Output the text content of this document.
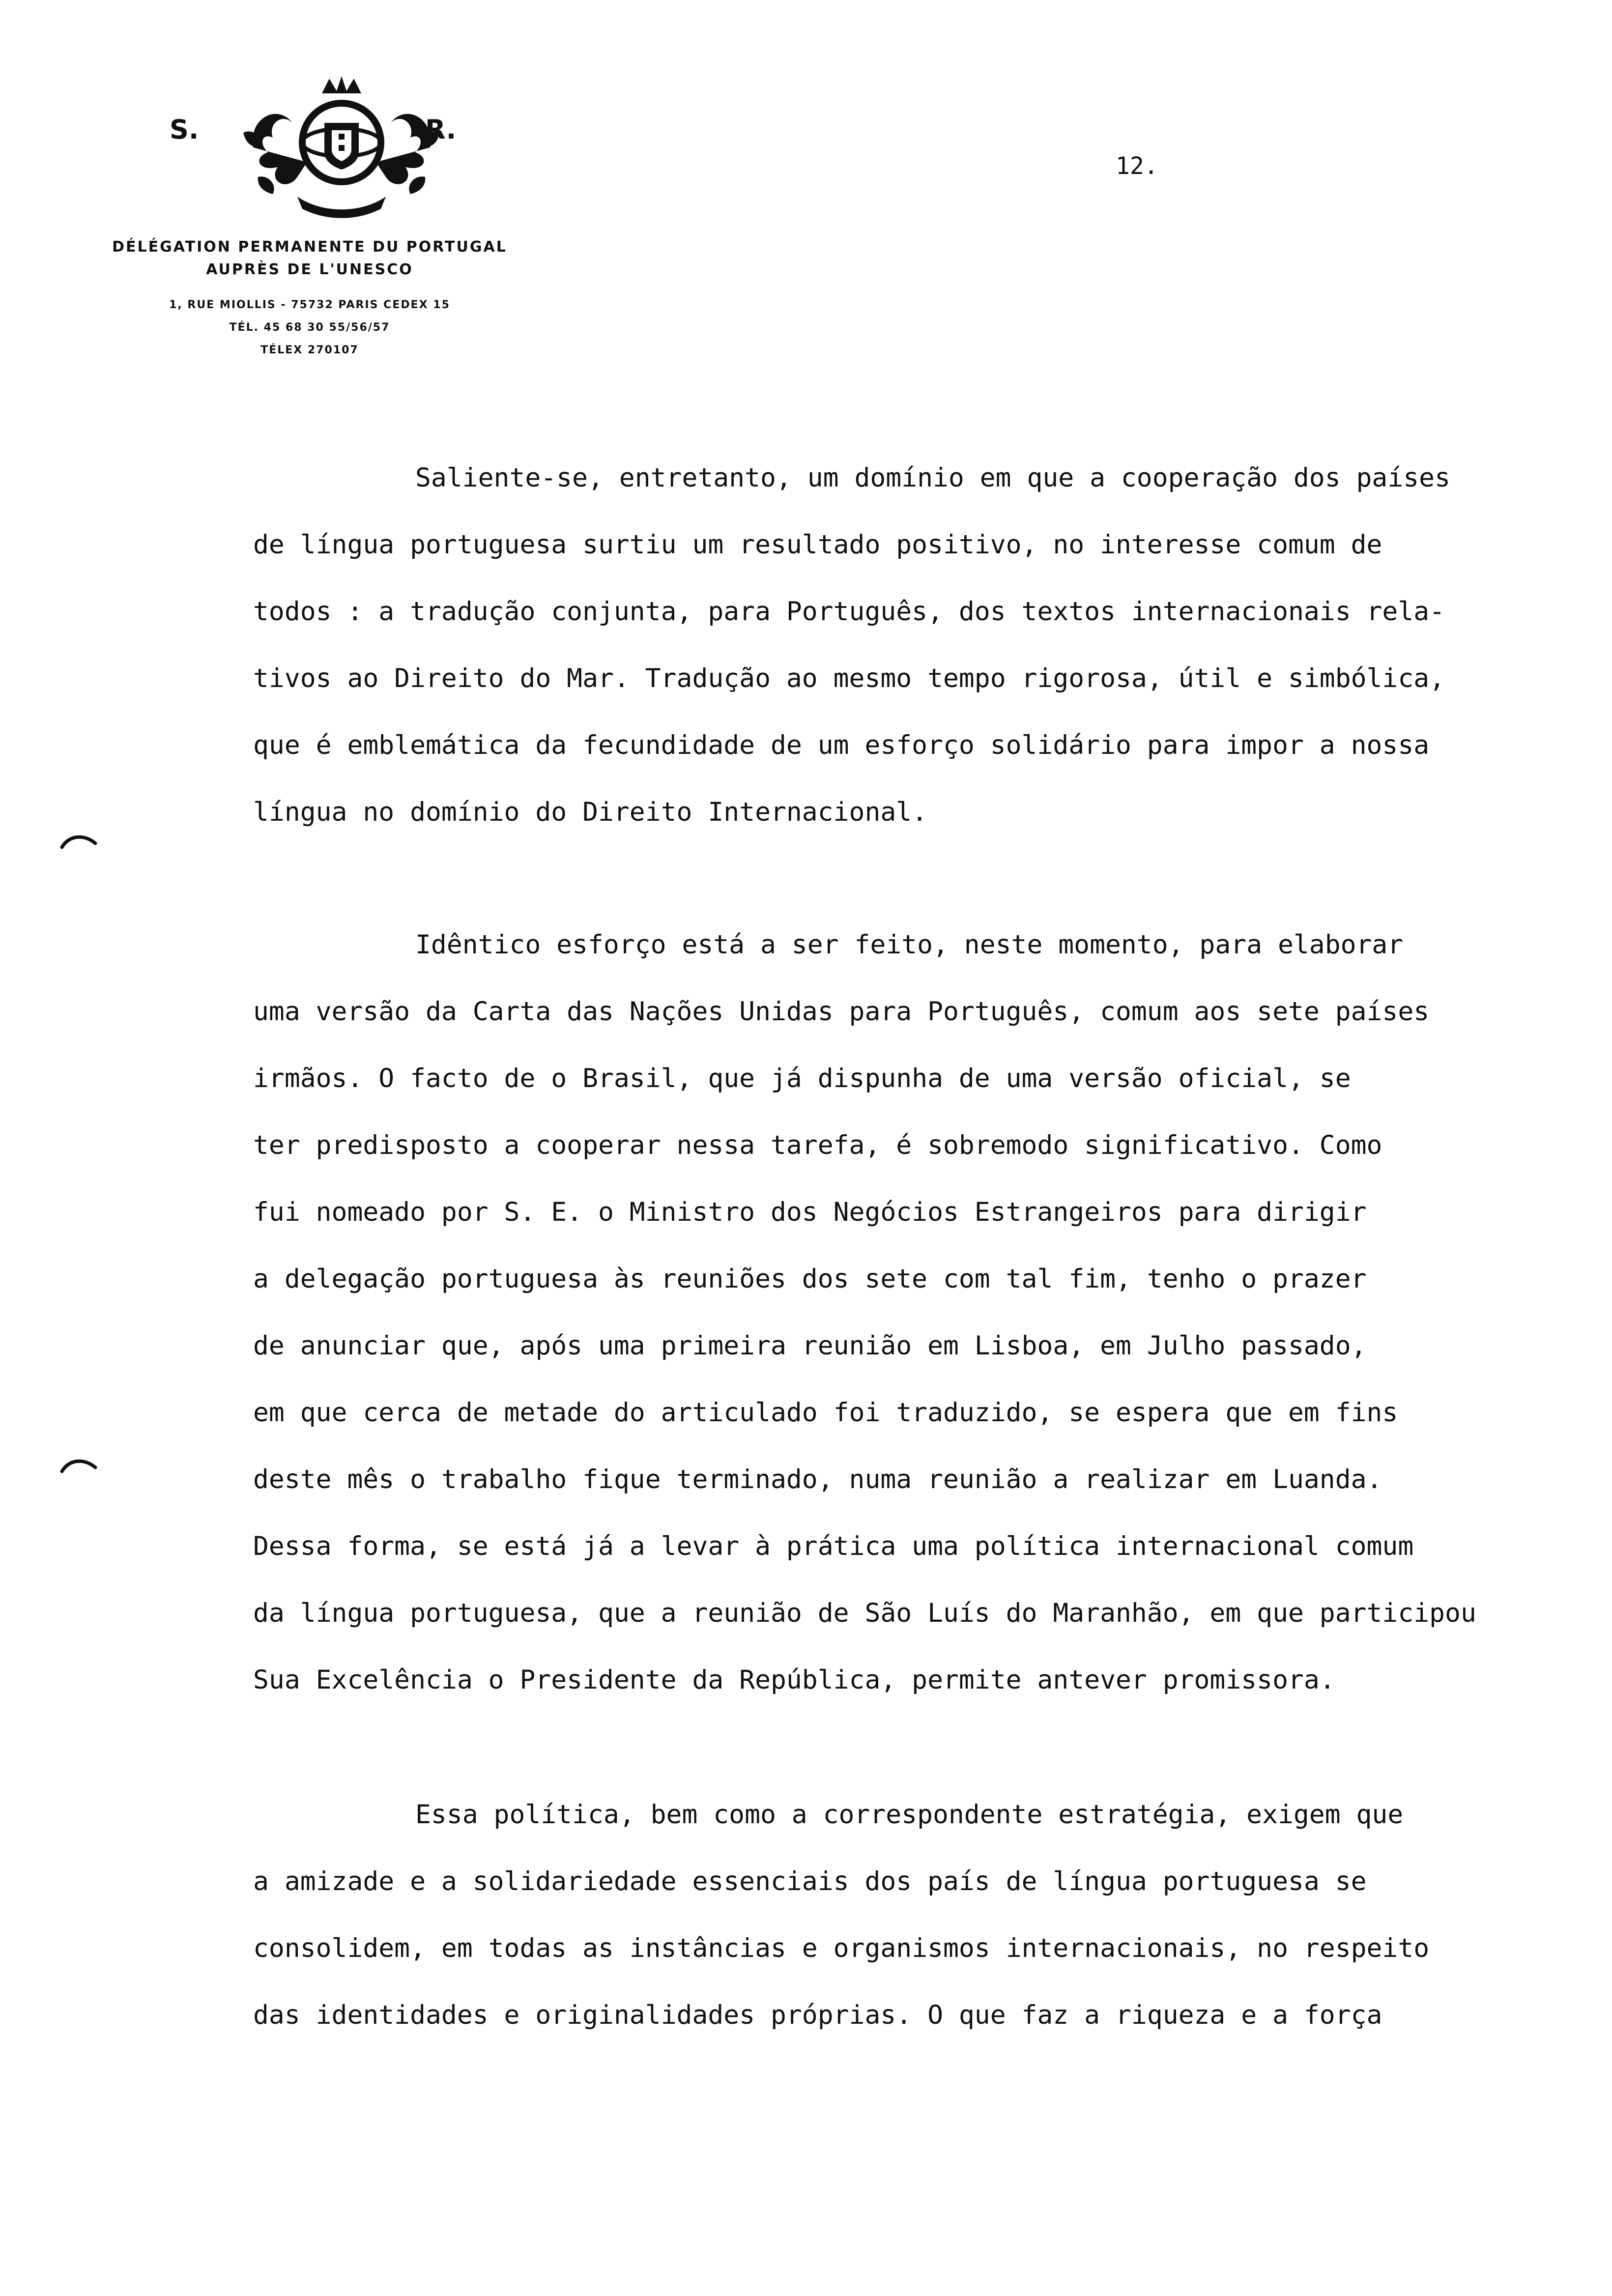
S.	R.

DÉLÉGATION PERMANENTE DU PORTUGAL

AUPRÈS DE L'UNESCO

1, RUE MIOLLIS - 75732 PARIS CEDEX 15

TÉL. 45 68 30 55/56/57

TÉLEX 270107

12.
Saliente-se, entretanto, um domínio em que a cooperação dos países
de língua portuguesa surtiu um resultado positivo, no interesse comum de
todos : a tradução conjunta, para Português, dos textos internacionais rela-
tivos ao Direito do Mar. Tradução ao mesmo tempo rigorosa, útil e simbólica,
que é emblemática da fecundidade de um esforço solidário para impor a nossa
língua no domínio do Direito Internacional.
Idêntico esforço está a ser feito, neste momento, para elaborar
uma versão da Carta das Nações Unidas para Português, comum aos sete países
irmãos. O facto de o Brasil, que já dispunha de uma versão oficial, se
ter predisposto a cooperar nessa tarefa, é sobremodo significativo. Como
fui nomeado por S. E. o Ministro dos Negócios Estrangeiros para dirigir
a delegação portuguesa às reuniões dos sete com tal fim, tenho o prazer
de anunciar que, após uma primeira reunião em Lisboa, em Julho passado,
em que cerca de metade do articulado foi traduzido, se espera que em fins
deste mês o trabalho fique terminado, numa reunião a realizar em Luanda.
Dessa forma, se está já a levar à prática uma política internacional comum
da língua portuguesa, que a reunião de São Luís do Maranhão, em que participou
Sua Excelência o Presidente da República, permite antever promissora.
Essa política, bem como a correspondente estratégia, exigem que
a amizade e a solidariedade essenciais dos país de língua portuguesa se
consolidem, em todas as instâncias e organismos internacionais, no respeito
das identidades e originalidades próprias. O que faz a riqueza e a força
